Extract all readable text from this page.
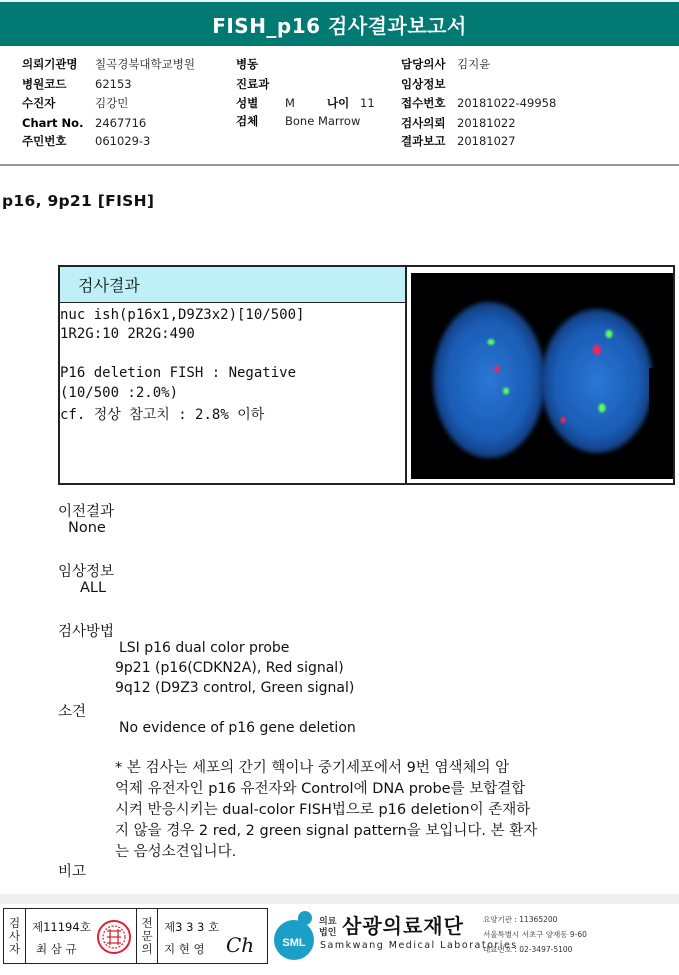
FISH_p16 검사결과보고서
의뢰기관명 칠곡경북대학교병원
병원코드 62153
수진자	김강민
Chart No. 2467716
주민번호 061029-3
병동
진료과
성별 M	나이 11
검체 Bone Marrow
담당의사 김지윤
임상정보
접수번호 20181022-49958
검사의뢰 20181022
결과보고 20181027
p16, 9p21 [FISH]
검사결과
nuc ish(p16x1,D9Z3x2)[10/500]
1R2G:10 2R2G:490
P16 deletion FISH : Negative
(10/500 :2.0%)
cf. 정상 참고치 : 2.8% 이하
이전결과
None
임상정보
ALL
검사방법
LSI p16 dual color probe
9p21 (p16(CDKN2A), Red signal)
9q12 (D9Z3 control, Green signal)
소견
No evidence of p16 gene deletion
* 본 검사는 세포의 간기 핵이나 중기세포에서 9번 염색체의 암
억제 유전자인 p16 유전자와 Control에 DNA probe를 보합결합
시켜 반응시키는 dual-color FISH법으로 p16 deletion이 존재하
지 않을 경우 2 red, 2 green signal pattern을 보입니다. 본 환자
는 음성소견입니다.
비고
검
사
자
제11194호
최 삼 규
전
문
의
제3 3 3 호
지 현 영 Ch	SML
의료
법인 삼광의료재단
Samkwang Medical Laboratories
요양기관 : 11365200
서울특별시 서초구 양재동 9-60
대표번호 : 02-3497-5100
